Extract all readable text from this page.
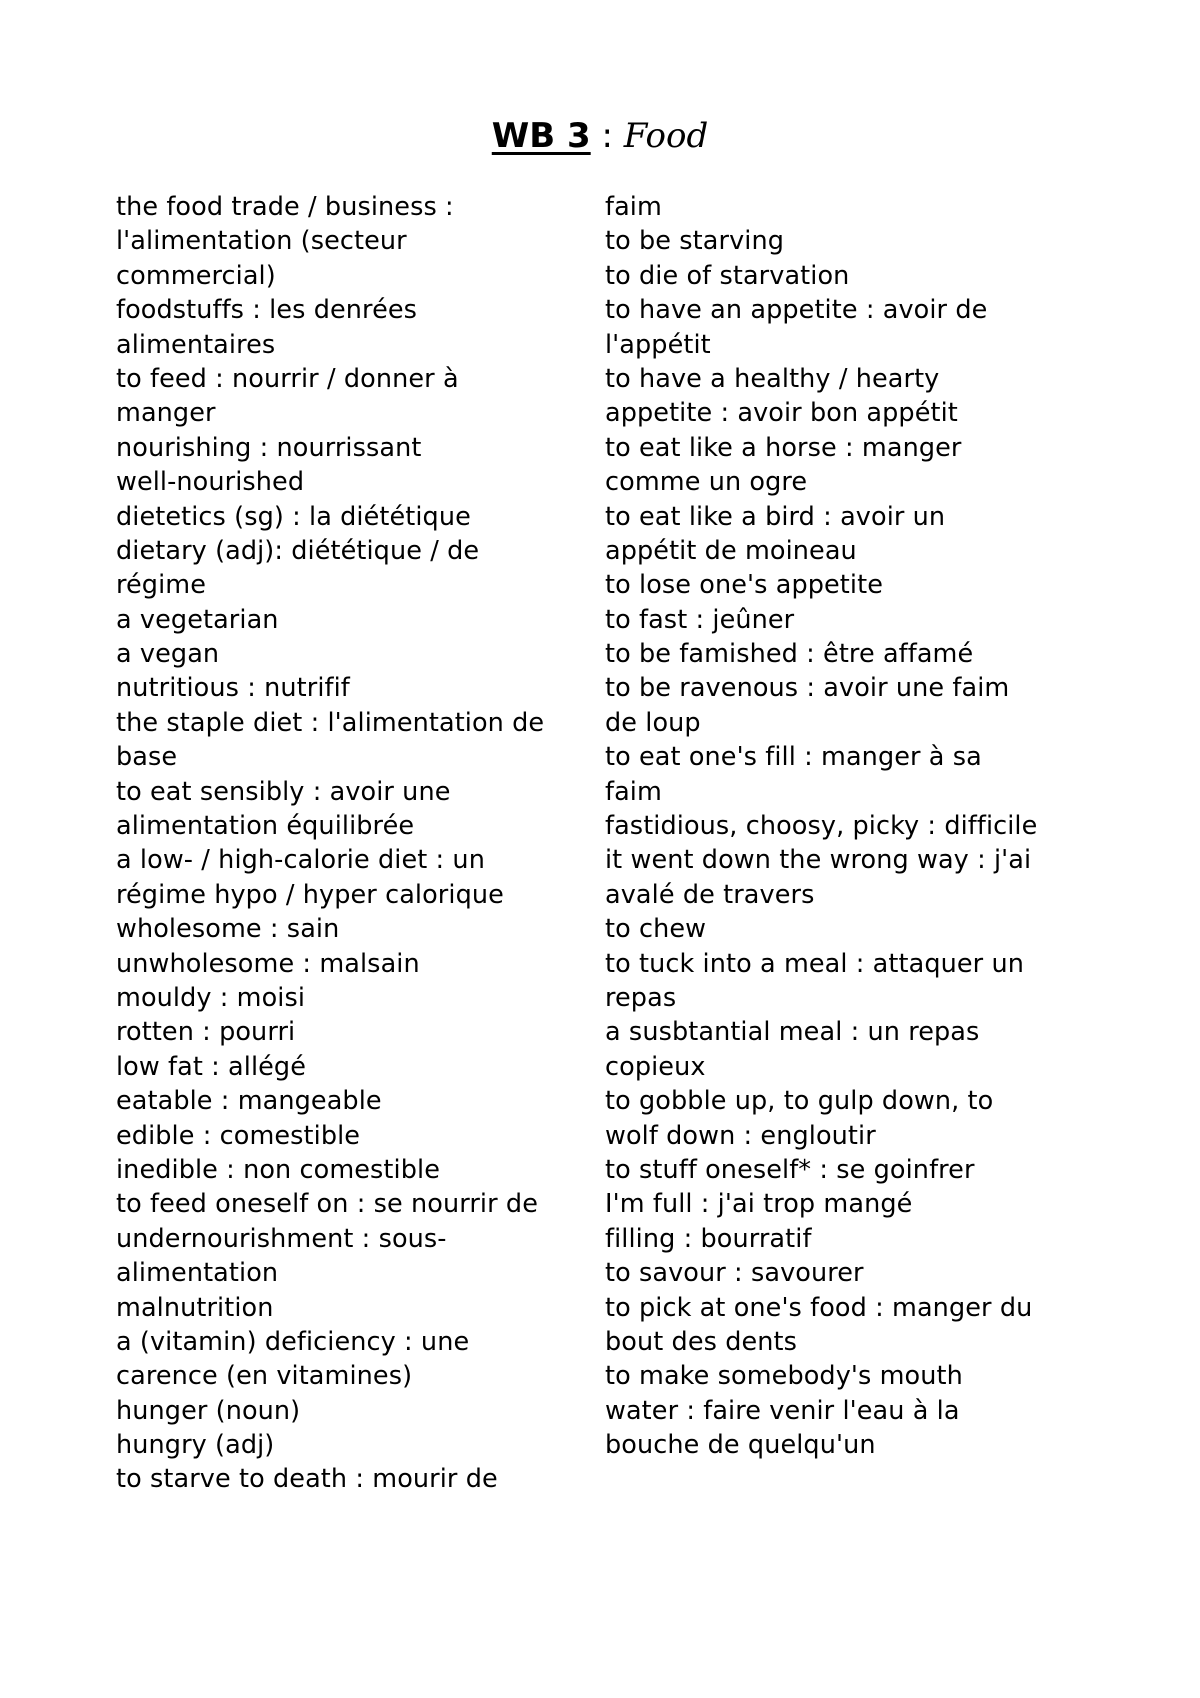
WB 3 : Food
the food trade / business :
l'alimentation (secteur
commercial)
foodstuffs : les denrées
alimentaires
to feed : nourrir / donner à
manger
nourishing : nourrissant
well-nourished
dietetics (sg) : la diététique
dietary (adj): diététique / de
régime
a vegetarian
a vegan
nutritious : nutrifif
the staple diet : l'alimentation de
base
to eat sensibly : avoir une
alimentation équilibrée
a low- / high-calorie diet : un
régime hypo / hyper calorique
wholesome : sain
unwholesome : malsain
mouldy : moisi
rotten : pourri
low fat : allégé
eatable : mangeable
edible : comestible
inedible : non comestible
to feed oneself on : se nourrir de
undernourishment : sous-
alimentation
malnutrition
a (vitamin) deficiency : une
carence (en vitamines)
hunger (noun)
hungry (adj)
to starve to death : mourir de
faim
to be starving
to die of starvation
to have an appetite : avoir de
l'appétit
to have a healthy / hearty
appetite : avoir bon appétit
to eat like a horse : manger
comme un ogre
to eat like a bird : avoir un
appétit de moineau
to lose one's appetite
to fast : jeûner
to be famished : être affamé
to be ravenous : avoir une faim
de loup
to eat one's fill : manger à sa
faim
fastidious, choosy, picky : difficile
it went down the wrong way : j'ai
avalé de travers
to chew
to tuck into a meal : attaquer un
repas
a susbtantial meal : un repas
copieux
to gobble up, to gulp down, to
wolf down : engloutir
to stuff oneself* : se goinfrer
I'm full : j'ai trop mangé
filling : bourratif
to savour : savourer
to pick at one's food : manger du
bout des dents
to make somebody's mouth
water : faire venir l'eau à la
bouche de quelqu'un
